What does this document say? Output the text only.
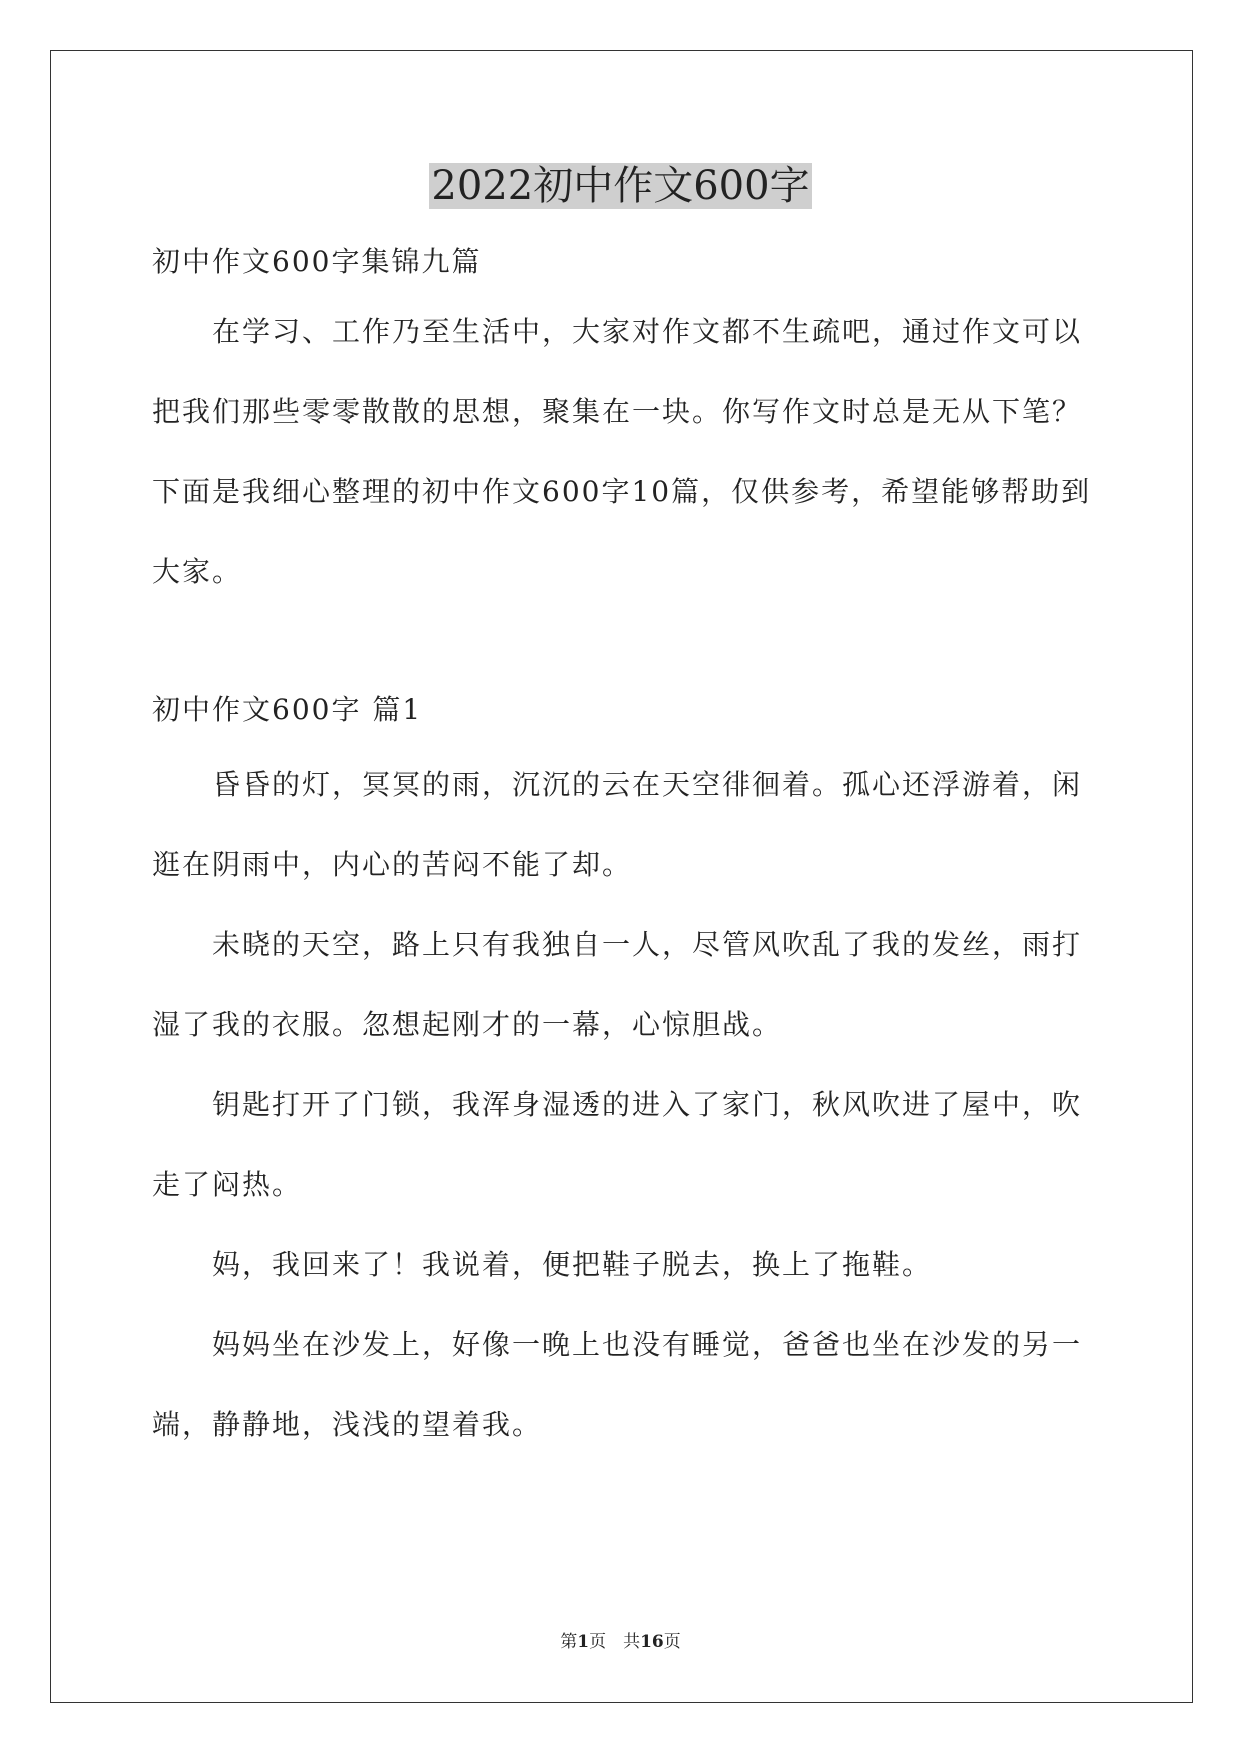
2022初中作文600字

初中作文600字集锦九篇

在学习、工作乃至生活中，大家对作文都不生疏吧，通过作文可以把我们那些零零散散的思想，聚集在一块。你写作文时总是无从下笔？下面是我细心整理的初中作文600字10篇，仅供参考，希望能够帮助到大家。

初中作文600字 篇1

昏昏的灯，冥冥的雨，沉沉的云在天空徘徊着。孤心还浮游着，闲逛在阴雨中，内心的苦闷不能了却。

未晓的天空，路上只有我独自一人，尽管风吹乱了我的发丝，雨打湿了我的衣服。忽想起刚才的一幕，心惊胆战。

钥匙打开了门锁，我浑身湿透的进入了家门，秋风吹进了屋中，吹走了闷热。

妈，我回来了！我说着，便把鞋子脱去，换上了拖鞋。

妈妈坐在沙发上，好像一晚上也没有睡觉，爸爸也坐在沙发的另一端，静静地，浅浅的望着我。

第1页　共16页
